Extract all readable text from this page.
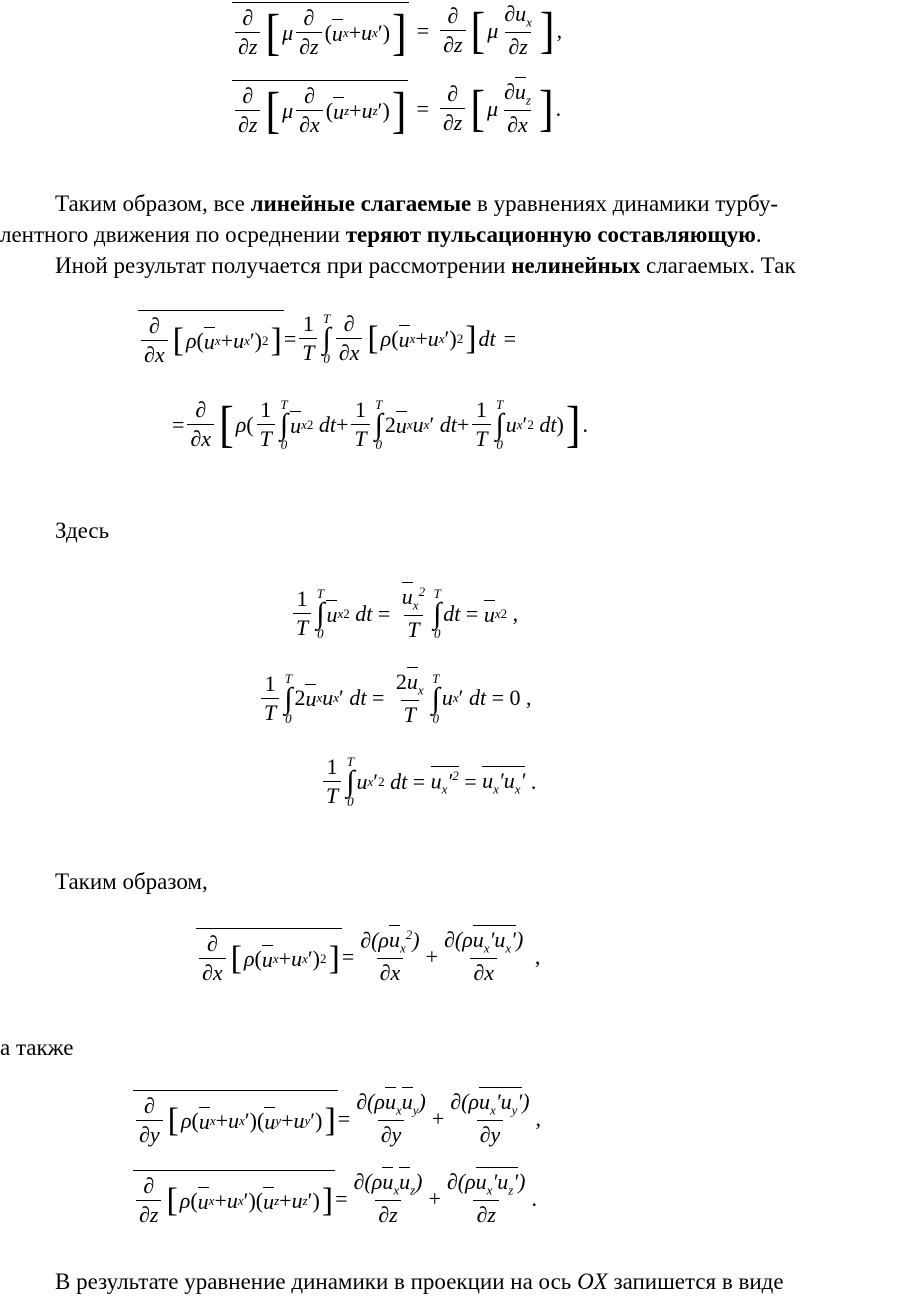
$\frac{\partial}{\partial z}$ [ μ $\frac{\partial}{\partial z}$ ( u x + u x ′) ] = $\frac{\partial}{\partial z}$ [ μ $\frac{\partial u_x}{\partial z}$ ] ,
$\frac{\partial}{\partial z}$ [ μ $\frac{\partial}{\partial x}$ ( u z + u z ′) ] = $\frac{\partial}{\partial z}$ [ μ $\frac{\partial u_z}{\partial x}$ ] .
Таким образом, все линейные слагаемые в уравнениях динамики турбу-
лентного движения по осреднении теряют пульсационную составляющую.
Иной результат получается при рассмотрении нелинейных слагаемых. Так
$\frac{\partial}{\partial x}$ [ ρ ( u x + u x ′) 2 ] = $\frac{1}{T}$ T
∫
$0 \frac{\partial}{\partial x}$ [ ρ ( u x + u x ′) 2 ] dt =
= $\frac{\partial}{\partial x}$ [ ρ ( $\frac{1}{T}$ T
∫
0
u x 2
dt + $\frac{1}{T}$ T
∫
0
2 u x u x ′ dt + $\frac{1}{T}$ T
∫
0
u x ′ 2
dt ) ] .
Здесь
$\frac{1}{T}$ T
∫
0
u x 2
dt = $\frac{u_x^2}{T}$ T
∫
0
dt = u x 2 ,
$\frac{1}{T}$ T
∫
0
2 u x u x ′ dt = $\frac{2u_x}{T}$ T
∫
0
u x ′ dt = 0 ,
$\frac{1}{T}$ T
∫
0
u x ′ 2
dt = $u_x'^2 = u_x'u_x'$ .
Таким образом,
$\frac{\partial}{\partial x}$ [ ρ ( u x + u x ′) 2 ] = $\frac{\partial(\rho u_x^2)}{\partial x} + \frac{\partial(\rho u_x'u_x')}{\partial x}$ ,
а также
$\frac{\partial}{\partial y}$ [ ρ ( u x + u x ′)( u y + u y ′) ] = $\frac{\partial(\rho u_xu_y)}{\partial y} + \frac{\partial(\rho u_x'u_y')}{\partial y}$ ,
$\frac{\partial}{\partial z}$ [ ρ ( u x + u x ′)( u z + u z ′) ] = $\frac{\partial(\rho u_xu_z)}{\partial z} + \frac{\partial(\rho u_x'u_z')}{\partial z}$ .
В результате уравнение динамики в проекции на ось OX запишется в виде
